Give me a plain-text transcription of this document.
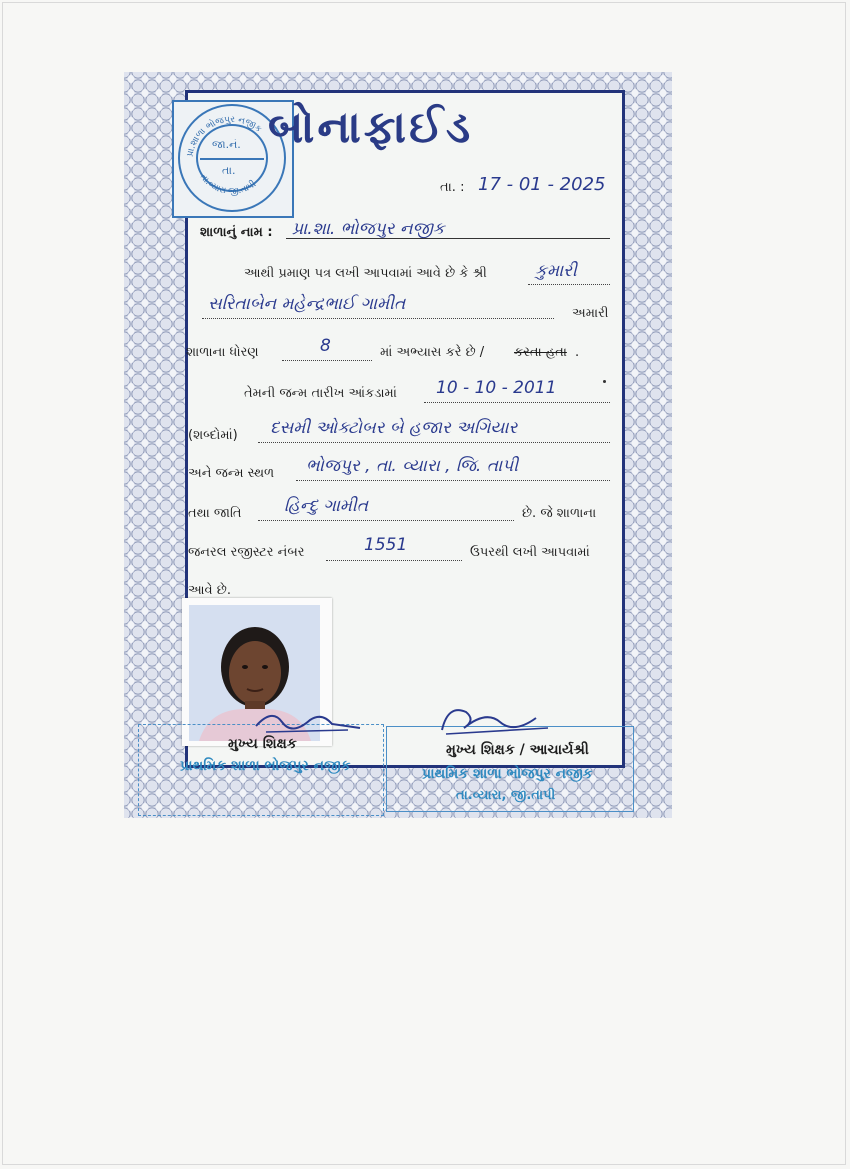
પ્રા.શાળા ભોજપુર નજીક
તા.વ્યારા જી.તાપી
જા.નં.
તા.
બોનાફાઈડ
તા. : 17 - 01 - 2025
શાળાનું નામ : પ્રા.શા. ભોજપુર નજીક
આથી પ્રમાણ પત્ર લખી આપવામાં આવે છે કે શ્રી	કુમારી
સરિતાબેન મહેન્દ્રભાઈ ગામીત	અમારી
શાળાના ધોરણ	8	માં અભ્યાસ કરે છે / કરતા હતા .
તેમની જન્મ તારીખ આંકડામાં 10 - 10 - 2011
(શબ્દોમાં) દસમી ઓક્ટોબર બે હજાર અગિયાર
અને જન્મ સ્થળ ભોજપુર , તા. વ્યારા , જિ. તાપી
તથા જાતિ હિન્દુ ગામીત	છે. જે શાળાના
જનરલ રજીસ્ટર નંબર	1551	ઉપરથી લખી આપવામાં
આવે છે.
મુખ્ય શિક્ષક
પ્રાથમિક શાળા ભોજપુર નજીક
મુખ્ય શિક્ષક / આચાર્યશ્રી
પ્રાથમિક શાળા ભોજપુર નજીક
તા.વ્યારા, જી.તાપી
